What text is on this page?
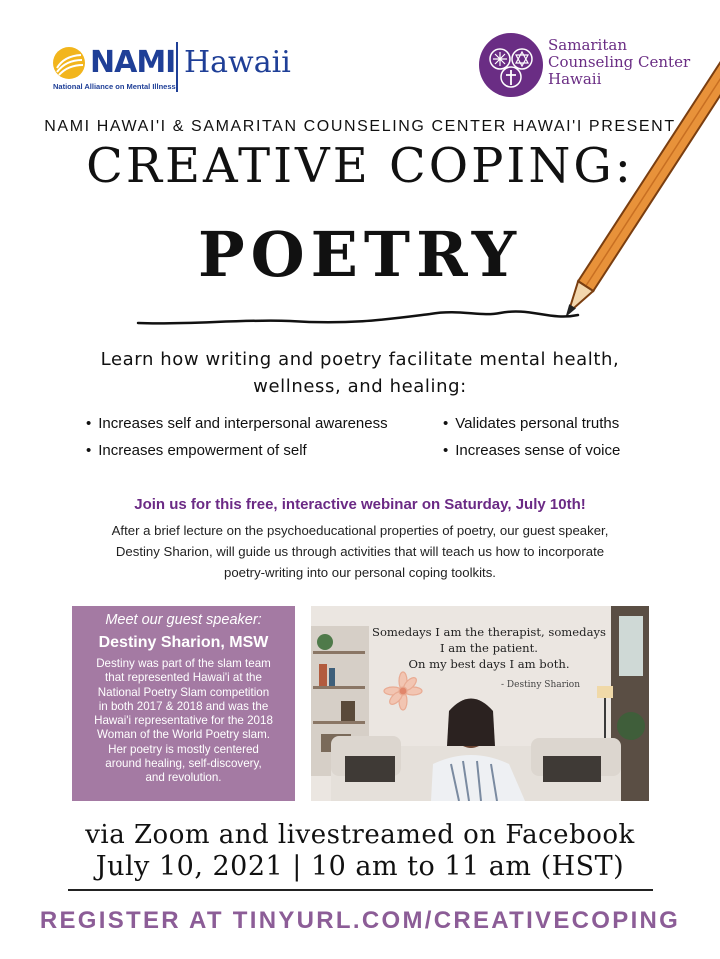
NAMI Hawaii
National Alliance on Mental Illness
Samaritan
Counseling Center
Hawaii
NAMI HAWAI'I & SAMARITAN COUNSELING CENTER HAWAI'I PRESENT
CREATIVE COPING:
POETRY
Learn how writing and poetry facilitate mental health,
wellness, and healing:
• Increases self and interpersonal awareness
• Increases empowerment of self
• Validates personal truths
• Increases sense of voice
Join us for this free, interactive webinar on Saturday, July 10th!
After a brief lecture on the psychoeducational properties of poetry, our guest speaker,
Destiny Sharion, will guide us through activities that will teach us how to incorporate
poetry-writing into our personal coping toolkits.
Meet our guest speaker:
Destiny Sharion, MSW
Destiny was part of the slam team
that represented Hawai'i at the
National Poetry Slam competition
in both 2017 & 2018 and was the
Hawai'i representative for the 2018
Woman of the World Poetry slam.
Her poetry is mostly centered
around healing, self-discovery,
and revolution.
Somedays I am the therapist, somedays
I am the patient.
On my best days I am both.
- Destiny Sharion
via Zoom and livestreamed on Facebook
July 10, 2021 | 10 am to 11 am (HST)
REGISTER AT TINYURL.COM/CREATIVECOPING
